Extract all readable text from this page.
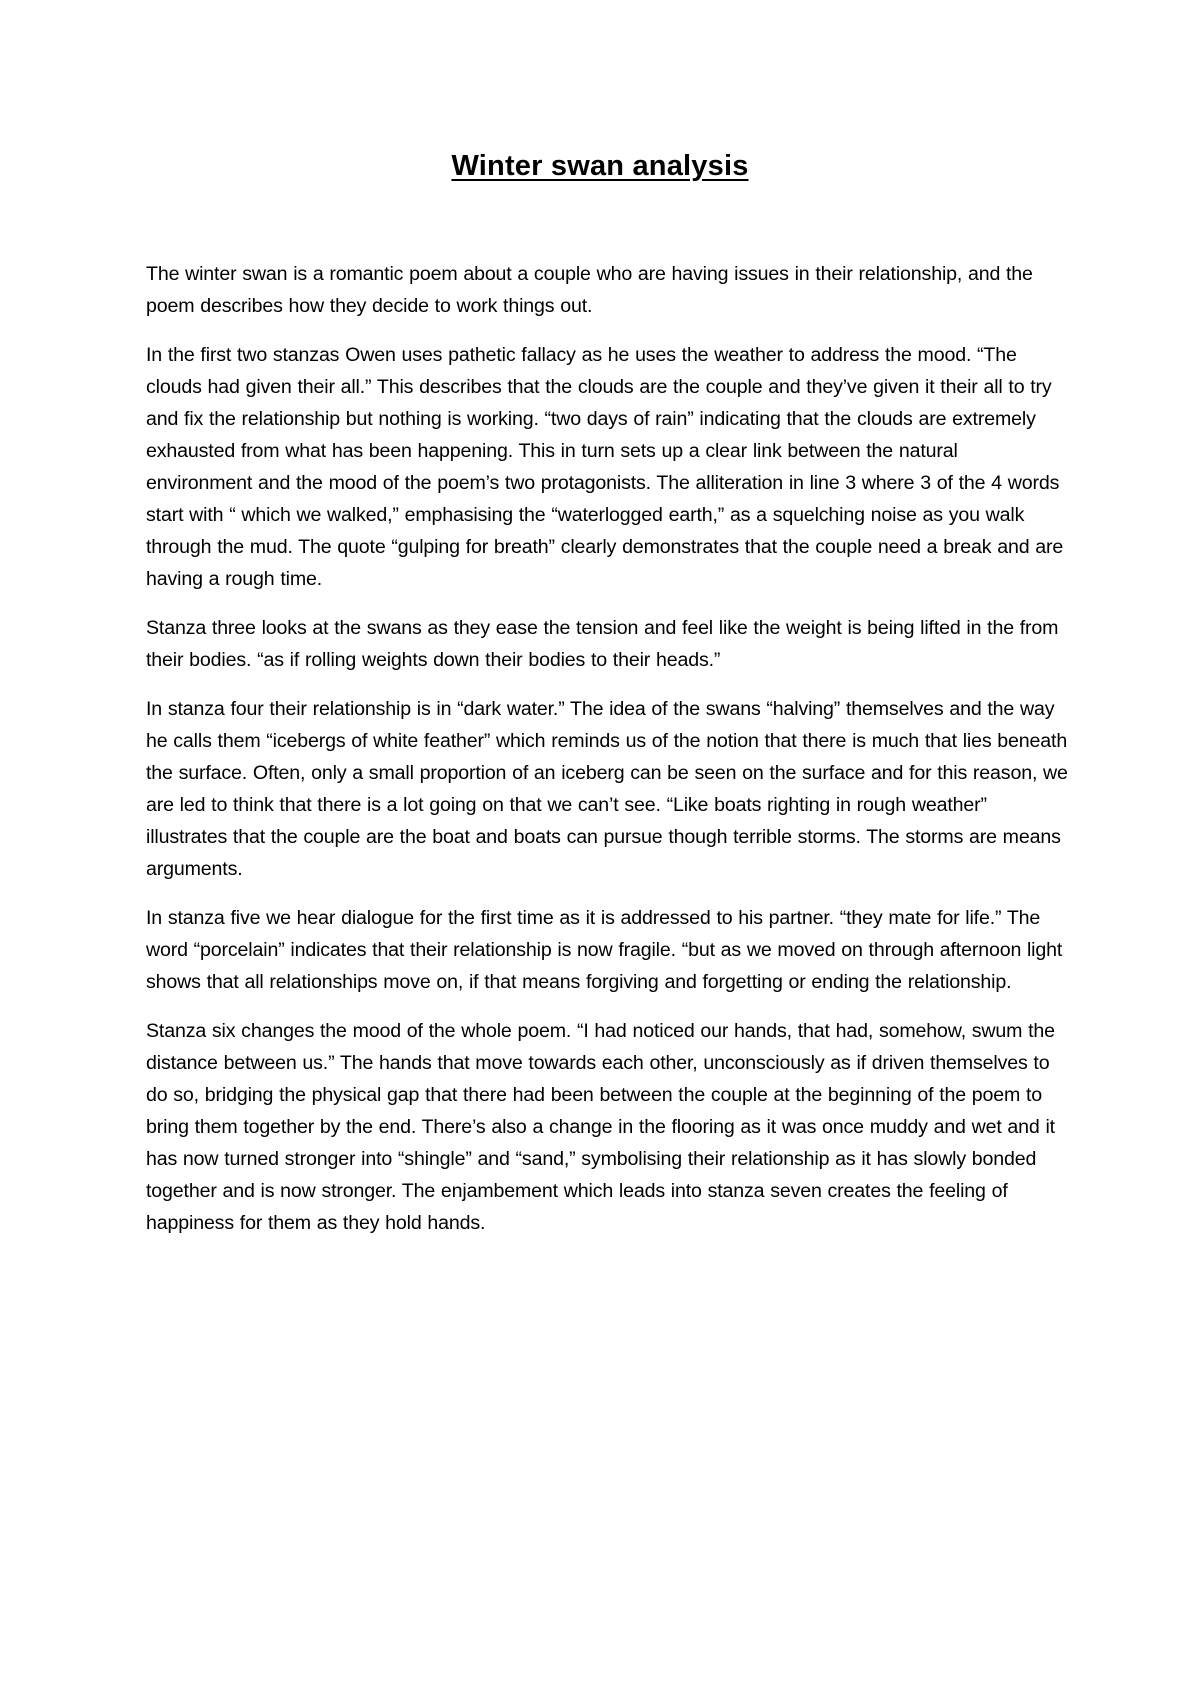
Winter swan analysis

The winter swan is a romantic poem about a couple who are having issues in their relationship, and the poem describes how they decide to work things out.

In the first two stanzas Owen uses pathetic fallacy as he uses the weather to address the mood. “The clouds had given their all.” This describes that the clouds are the couple and they’ve given it their all to try and fix the relationship but nothing is working. “two days of rain” indicating that the clouds are extremely exhausted from what has been happening. This in turn sets up a clear link between the natural environment and the mood of the poem’s two protagonists. The alliteration in line 3 where 3 of the 4 words start with “ which we walked,” emphasising the “waterlogged earth,” as a squelching noise as you walk through the mud. The quote “gulping for breath” clearly demonstrates that the couple need a break and are having a rough time.

Stanza three looks at the swans as they ease the tension and feel like the weight is being lifted in the from their bodies. “as if rolling weights down their bodies to their heads.”

In stanza four their relationship is in “dark water.” The idea of the swans “halving” themselves and the way he calls them “icebergs of white feather” which reminds us of the notion that there is much that lies beneath the surface. Often, only a small proportion of an iceberg can be seen on the surface and for this reason, we are led to think that there is a lot going on that we can’t see. “Like boats righting in rough weather” illustrates that the couple are the boat and boats can pursue though terrible storms. The storms are means arguments.

In stanza five we hear dialogue for the first time as it is addressed to his partner. “they mate for life.” The word “porcelain” indicates that their relationship is now fragile. “but as we moved on through afternoon light shows that all relationships move on, if that means forgiving and forgetting or ending the relationship.

Stanza six changes the mood of the whole poem. “I had noticed our hands, that had, somehow, swum the distance between us.” The hands that move towards each other, unconsciously as if driven themselves to do so, bridging the physical gap that there had been between the couple at the beginning of the poem to bring them together by the end. There’s also a change in the flooring as it was once muddy and wet and it has now turned stronger into “shingle” and “sand,” symbolising their relationship as it has slowly bonded together and is now stronger. The enjambement which leads into stanza seven creates the feeling of happiness for them as they hold hands.
